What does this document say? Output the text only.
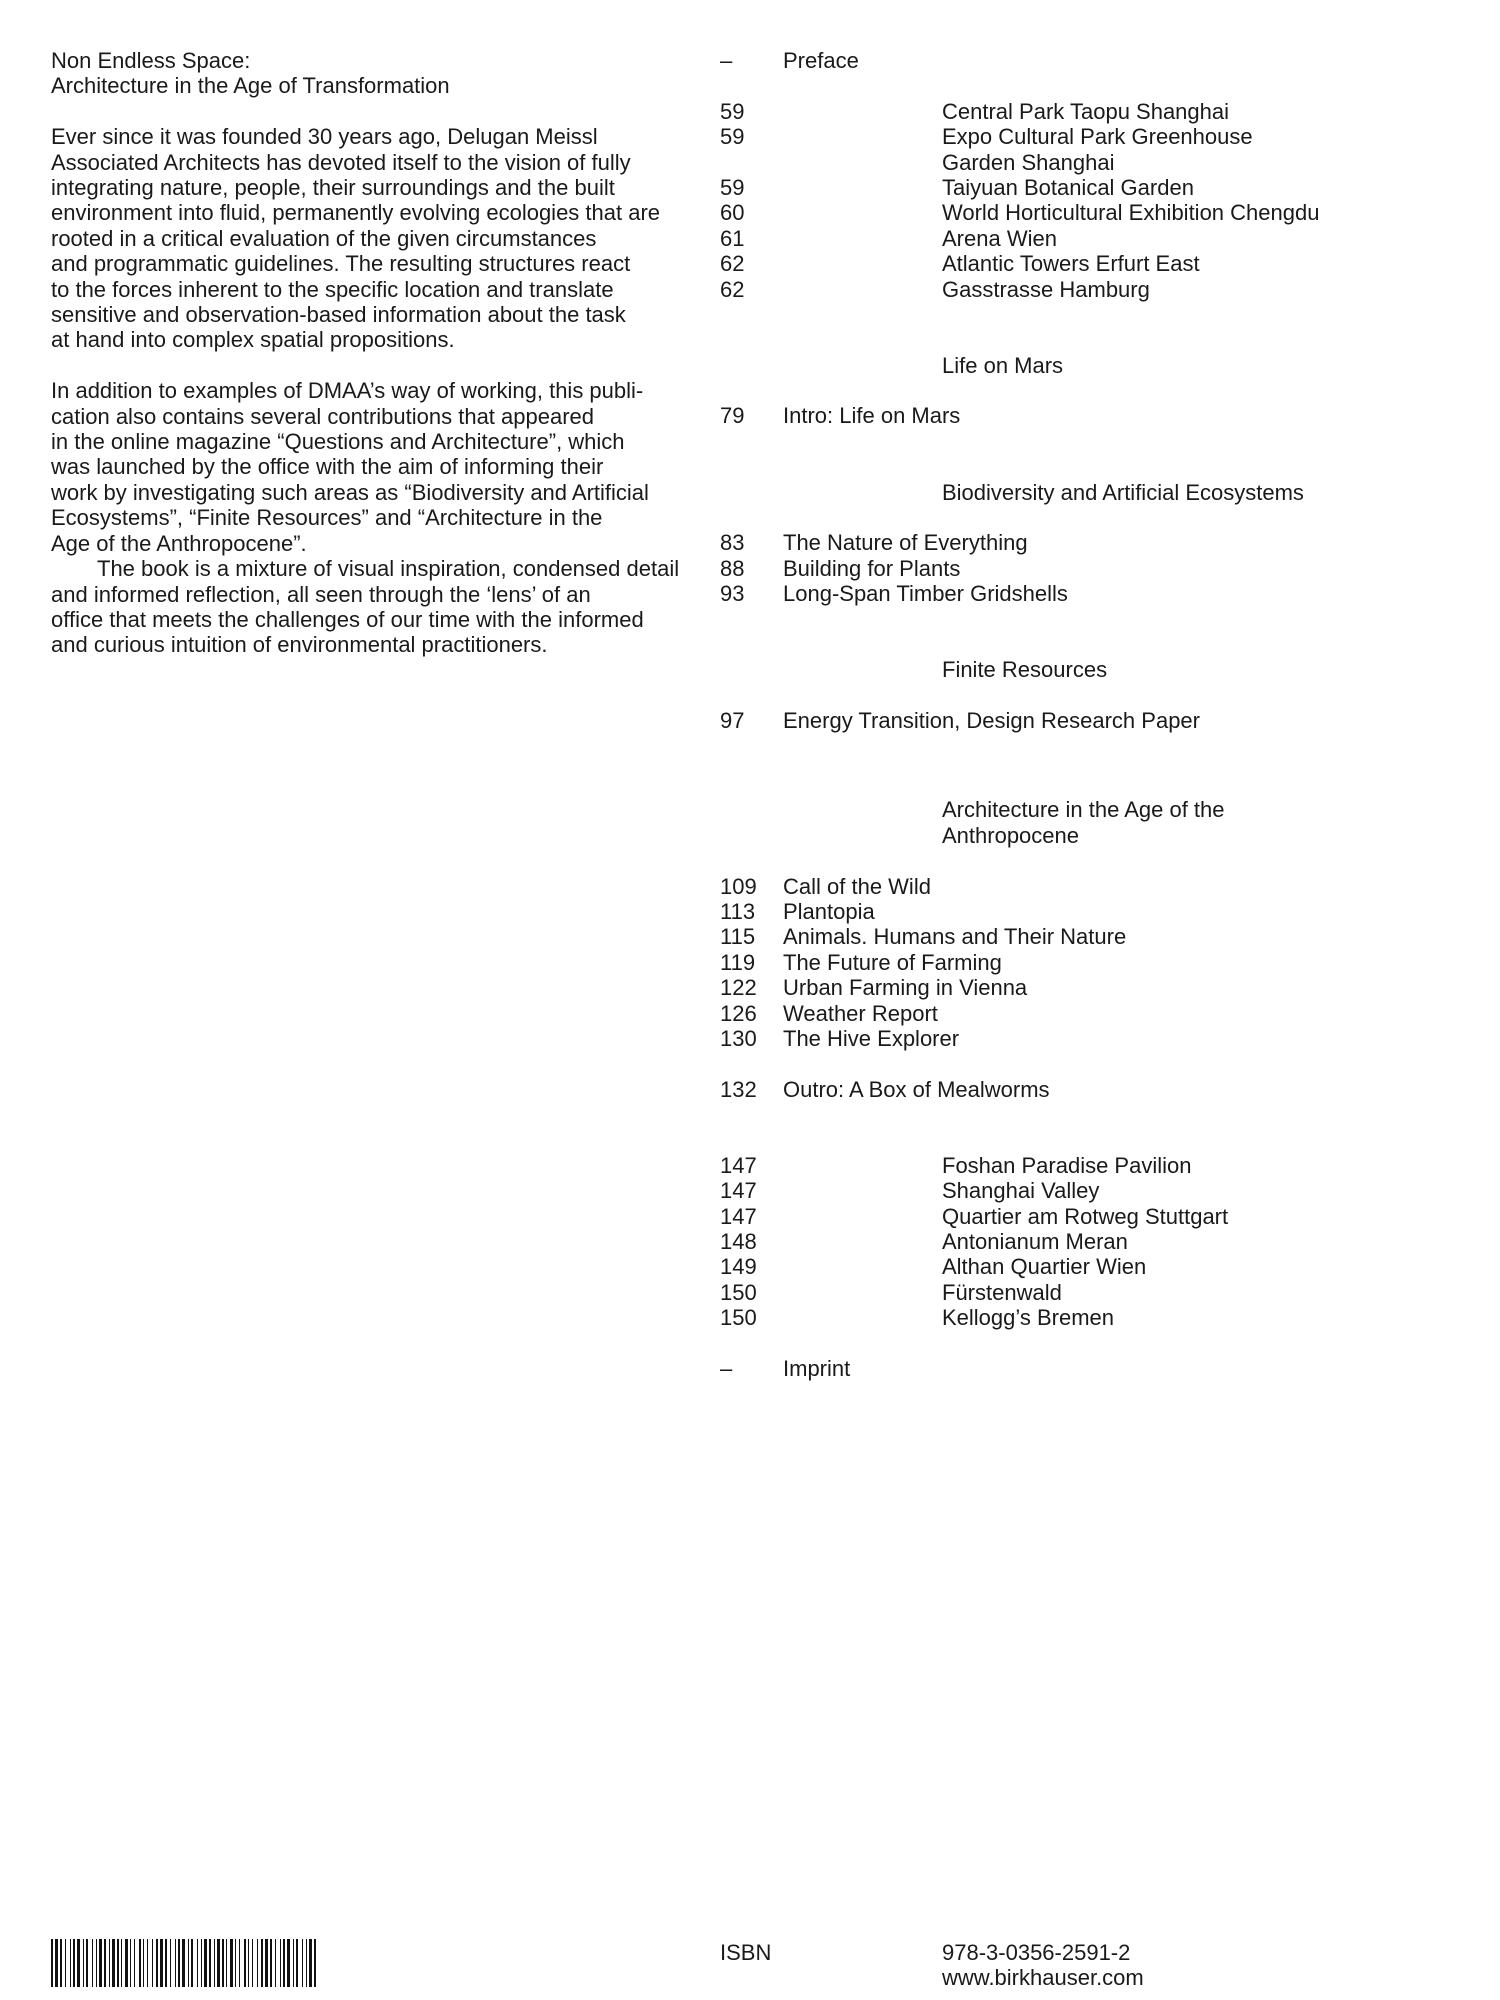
Non Endless Space:
Architecture in the Age of Transformation
Ever since it was founded 30 years ago, Delugan Meissl
Associated Architects has devoted itself to the vision of fully
integrating nature, people, their surroundings and the built
environment into fluid, permanently evolving ecologies that are
rooted in a critical evaluation of the given circumstances
and programmatic guidelines. The resulting structures react
to the forces inherent to the specific location and translate
sensitive and observation-based information about the task
at hand into complex spatial propositions.
In addition to examples of DMAA’s way of working, this publi-
cation also contains several contributions that appeared
in the online magazine “Questions and Architecture”, which
was launched by the office with the aim of informing their
work by investigating such areas as “Biodiversity and Artificial
Ecosystems”, “Finite Resources” and “Architecture in the
Age of the Anthropocene”.
The book is a mixture of visual inspiration, condensed detail
and informed reflection, all seen through the ‘lens’ of an
office that meets the challenges of our time with the informed
and curious intuition of environmental practitioners.
– Preface
59	Central Park Taopu Shanghai
59	Expo Cultural Park Greenhouse
Garden Shanghai
59	Taiyuan Botanical Garden
60	World Horticultural Exhibition Chengdu
61	Arena Wien
62	Atlantic Towers Erfurt East
62	Gasstrasse Hamburg
Life on Mars
79 Intro: Life on Mars
Biodiversity and Artificial Ecosystems
83 The Nature of Everything
88 Building for Plants
93 Long-Span Timber Gridshells
Finite Resources
97 Energy Transition, Design Research Paper
Architecture in the Age of the
Anthropocene
109 Call of the Wild
113 Plantopia
115 Animals. Humans and Their Nature
119 The Future of Farming
122 Urban Farming in Vienna
126 Weather Report
130 The Hive Explorer
132 Outro: A Box of Mealworms
147	Foshan Paradise Pavilion
147	Shanghai Valley
147	Quartier am Rotweg Stuttgart
148	Antonianum Meran
149	Althan Quartier Wien
150	Fürstenwald
150	Kellogg’s Bremen
– Imprint
ISBN	978-3-0356-2591-2
www.birkhauser.com
